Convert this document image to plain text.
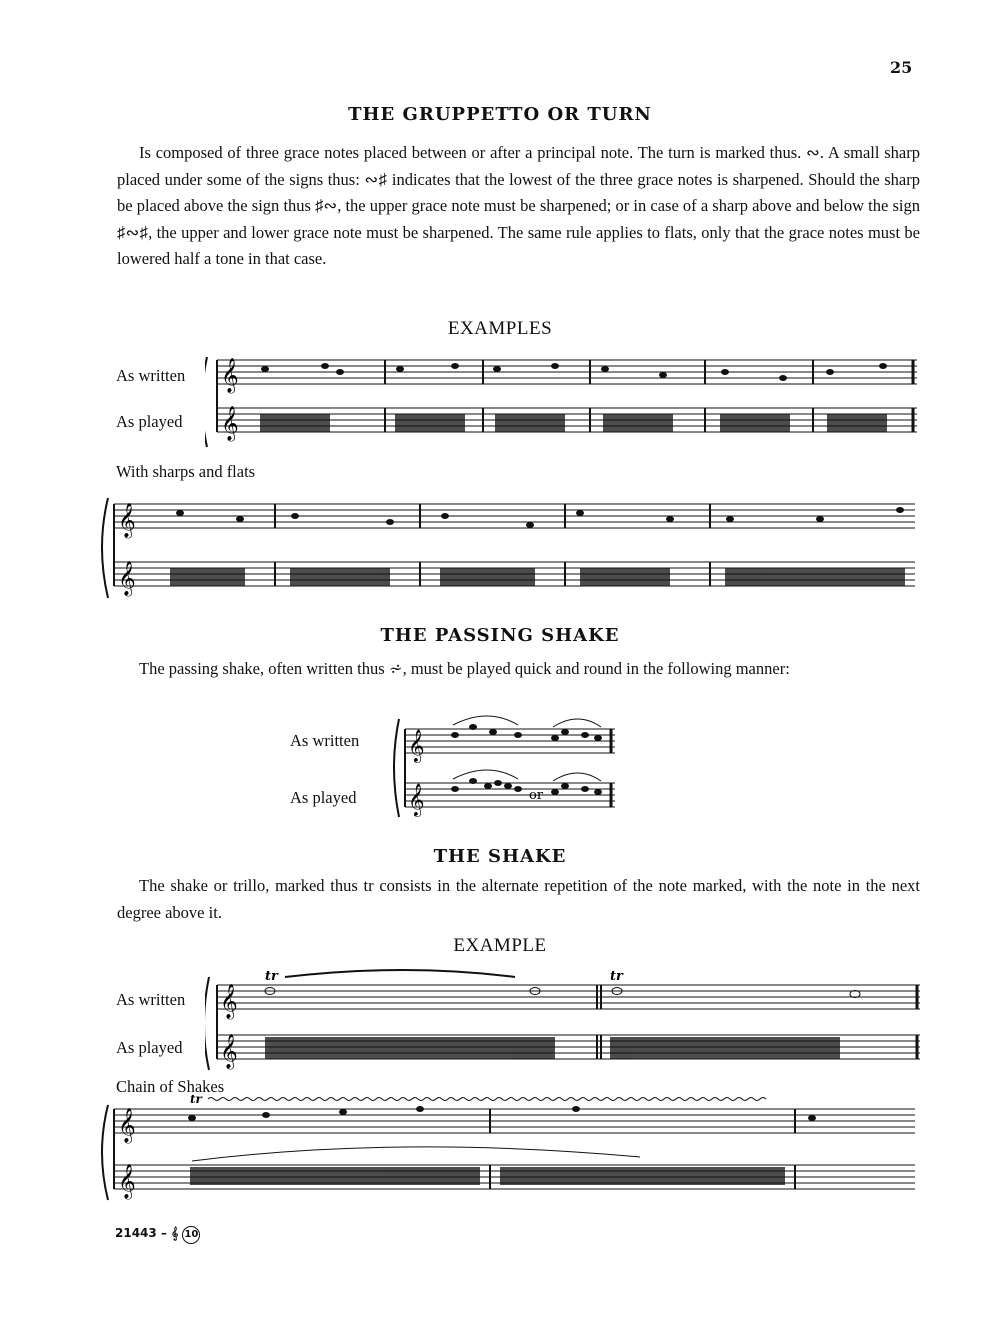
25
THE GRUPPETTO OR TURN
Is composed of three grace notes placed between or after a principal note. The turn is marked thus. ∾. A small sharp placed under some of the signs thus: ∾♯ indicates that the lowest of the three grace notes is sharpened. Should the sharp be placed above the sign thus ♯∾, the upper grace note must be sharpened; or in case of a sharp above and below the sign ♯∾♯, the upper and lower grace note must be sharpened. The same rule applies to flats, only that the grace notes must be lowered half a tone in that case.
EXAMPLES
As written
As played
𝄞
𝄞
With sharps and flats
𝄞
𝄞
THE PASSING SHAKE
The passing shake, often written thus ⩫, must be played quick and round in the following manner:
As written
As played
𝄞
𝄞	or
THE SHAKE
The shake or trillo, marked thus tr consists in the alternate repetition of the note marked, with the note in the next degree above it.
EXAMPLE
As written
As played
𝄞
𝄞
tr	tr
Chain of Shakes
𝄞
𝄞
tr
21443 – 𝄞 10
